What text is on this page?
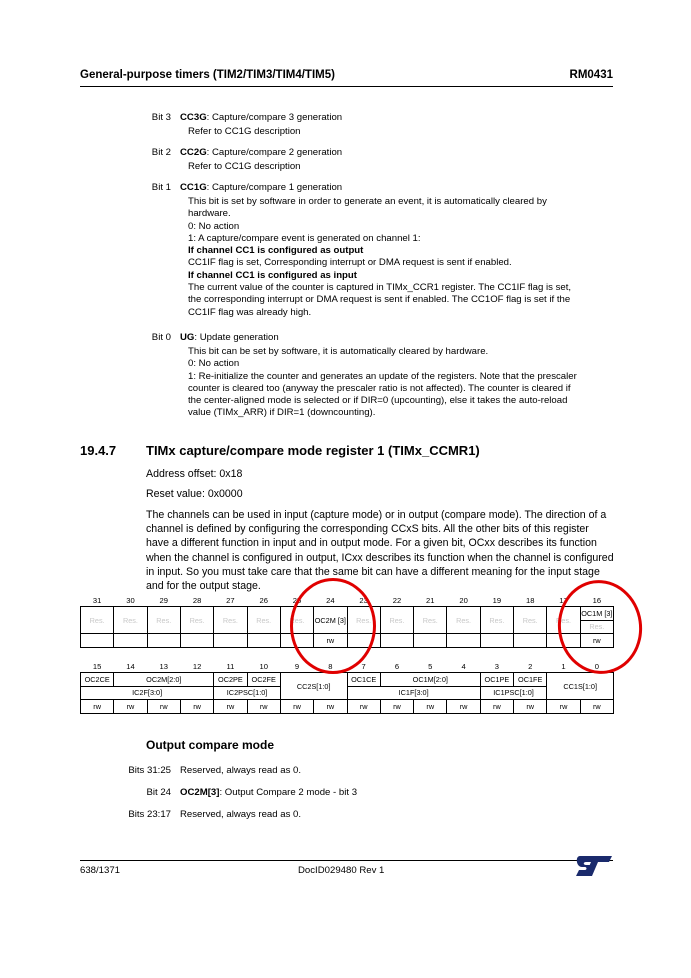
General-purpose timers (TIM2/TIM3/TIM4/TIM5)	RM0431
Bit 3 CC3G: Capture/compare 3 generation
Refer to CC1G description
Bit 2 CC2G: Capture/compare 2 generation
Refer to CC1G description
Bit 1 CC1G: Capture/compare 1 generation
This bit is set by software in order to generate an event, it is automatically cleared by
hardware.
0: No action
1: A capture/compare event is generated on channel 1:
If channel CC1 is configured as output
CC1IF flag is set, Corresponding interrupt or DMA request is sent if enabled.
If channel CC1 is configured as input
The current value of the counter is captured in TIMx_CCR1 register. The CC1IF flag is set,
the corresponding interrupt or DMA request is sent if enabled. The CC1OF flag is set if the
CC1IF flag was already high.
Bit 0 UG: Update generation
This bit can be set by software, it is automatically cleared by hardware.
0: No action
1: Re-initialize the counter and generates an update of the registers. Note that the prescaler
counter is cleared too (anyway the prescaler ratio is not affected). The counter is cleared if
the center-aligned mode is selected or if DIR=0 (upcounting), else it takes the auto-reload
value (TIMx_ARR) if DIR=1 (downcounting).
19.4.7 TIMx capture/compare mode register 1 (TIMx_CCMR1)
Address offset: 0x18
Reset value: 0x0000
The channels can be used in input (capture mode) or in output (compare mode). The direction of a channel is defined by configuring the corresponding CCxS bits. All the other bits of this register have a different function in input and in output mode. For a given bit, OCxx describes its function when the channel is configured in output, ICxx describes its function when the channel is configured in input. So you must take care that the same bit can have a different meaning for the input stage and for the output stage.
31	30	29	28	27	26	25	24	23	22	21	20	19	18	17	16
Res.	Res.	Res.	Res.	Res.	Res.	Res.	OC2M [3]	Res.	Res.	Res.	Res.	Res.	Res.	Res.	OC1M [3]
															Res.
							rw								rw
15	14	13	12	11	10	9	8	7	6	5	4	3	2	1	0
OC2CE	OC2M[2:0]			OC2PE	OC2FE	CC2S[1:0]		OC1CE	OC1M[2:0]			OC1PE	OC1FE	CC1S[1:0]	
IC2F[3:0]				IC2PSC[1:0]				IC1F[3:0]				IC1PSC[1:0]			
rw	rw	rw	rw	rw	rw	rw	rw	rw	rw	rw	rw	rw	rw	rw	rw
Output compare mode
Bits 31:25 Reserved, always read as 0.
Bit 24 OC2M[3]: Output Compare 2 mode - bit 3
Bits 23:17 Reserved, always read as 0.
638/1371	DocID029480 Rev 1
